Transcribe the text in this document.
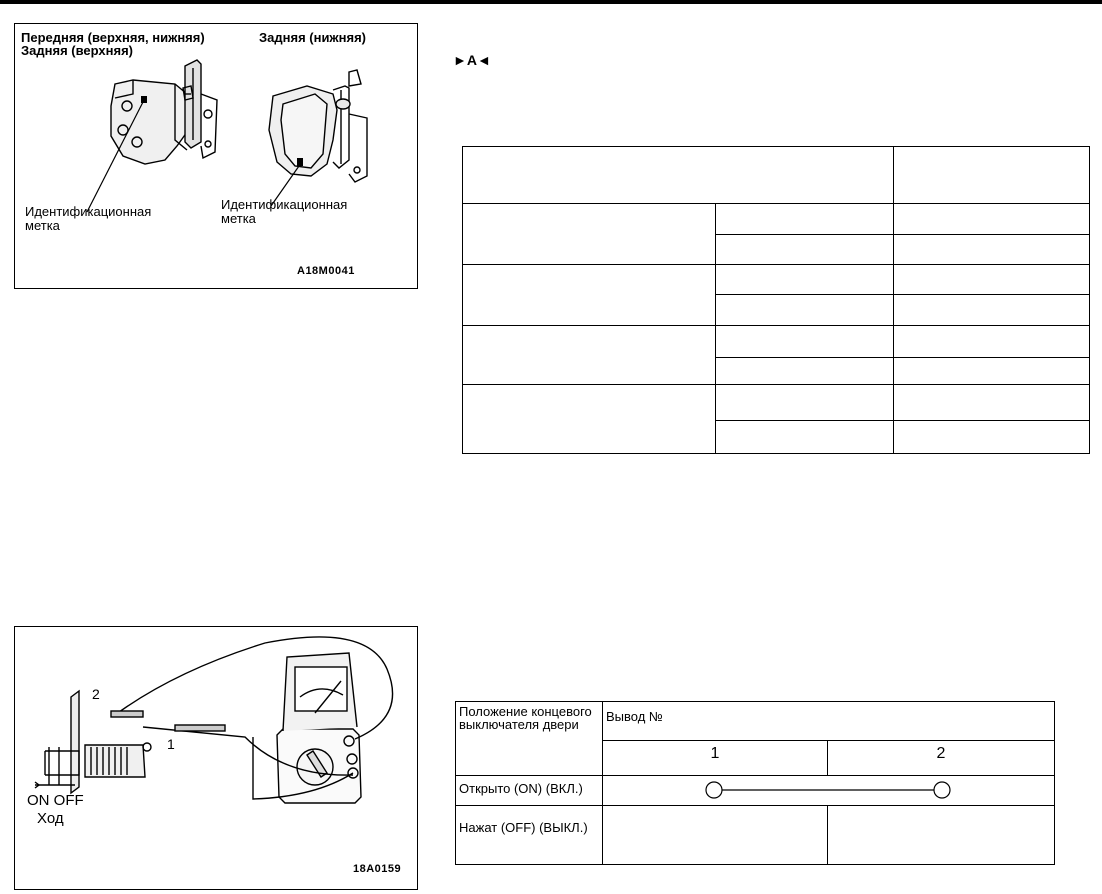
Передняя (верхняя, нижняя)
Задняя (верхняя)
Задняя (нижняя)
Идентификационная
метка
Идентификационная
метка
A18M0041
►A◄

2
1
ON OFF
Ход
18A0159
Положение концевого выключателя двери	Вывод №	
	1	2
Открыто (ON) (ВКЛ.)	

Нажат (OFF) (ВЫКЛ.)		
